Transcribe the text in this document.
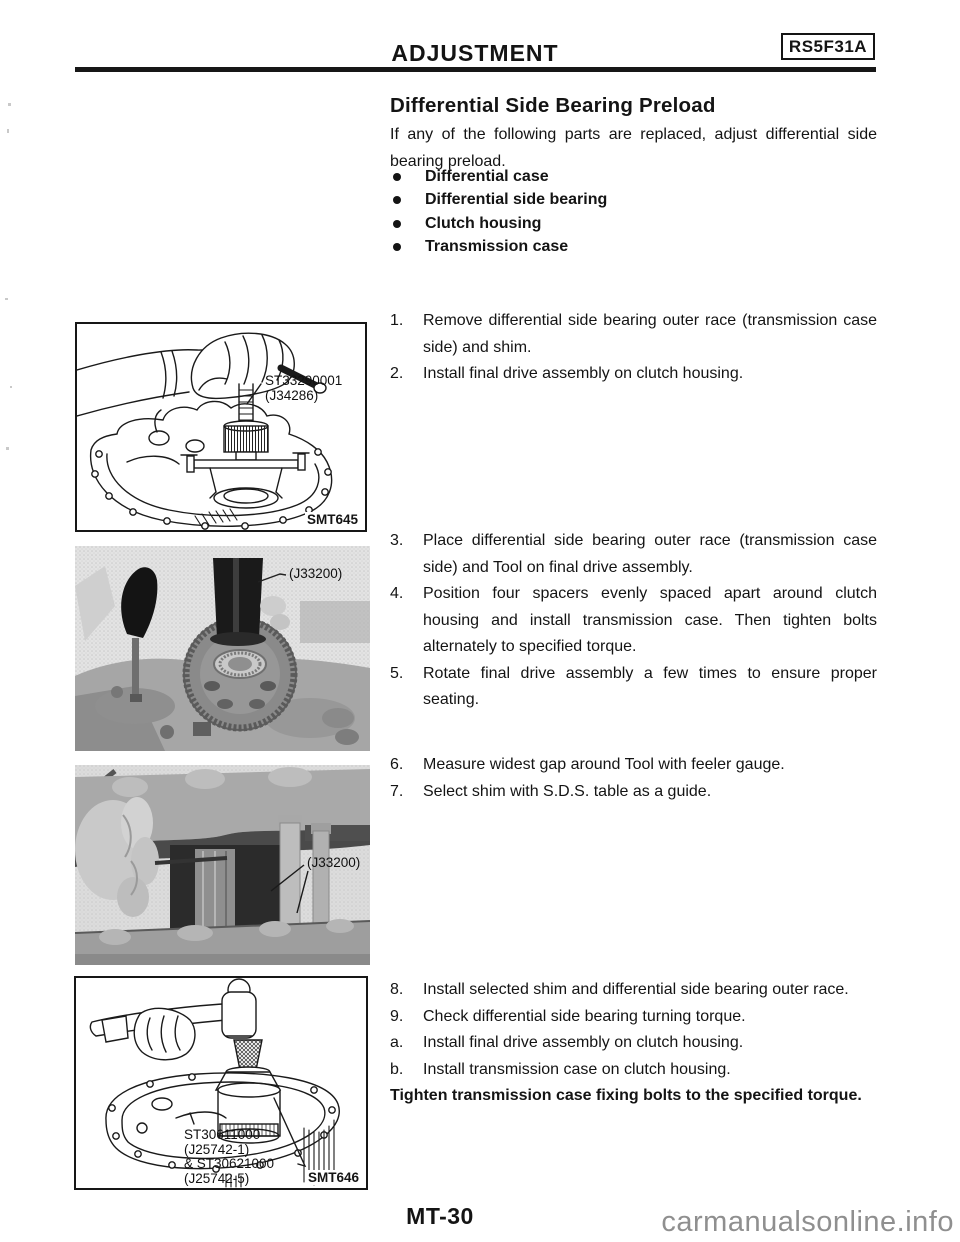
ADJUSTMENT	RS5F31A
Differential Side Bearing Preload
If any of the following parts are replaced, adjust differential side bearing preload.
Differential case
Differential side bearing
Clutch housing
Transmission case
1. Remove differential side bearing outer race (transmission case side) and shim.
2. Install final drive assembly on clutch housing.
3. Place differential side bearing outer race (transmission case side) and Tool on final drive assembly.
4. Position four spacers evenly spaced apart around clutch housing and install transmission case. Then tighten bolts alternately to specified torque.
5. Rotate final drive assembly a few times to ensure proper seating.
6. Measure widest gap around Tool with feeler gauge.
7. Select shim with S.D.S. table as a guide.
8. Install selected shim and differential side bearing outer race.
9. Check differential side bearing turning torque.
a. Install final drive assembly on clutch housing.
b. Install transmission case on clutch housing.
Tighten transmission case fixing bolts to the specified torque.
ST33290001
(J34286)
SMT645
(J33200)
(J33200)
ST30611000
(J25742-1)
& ST30621000
(J25742-5)	SMT646
MT-30	carmanualsonline.info
